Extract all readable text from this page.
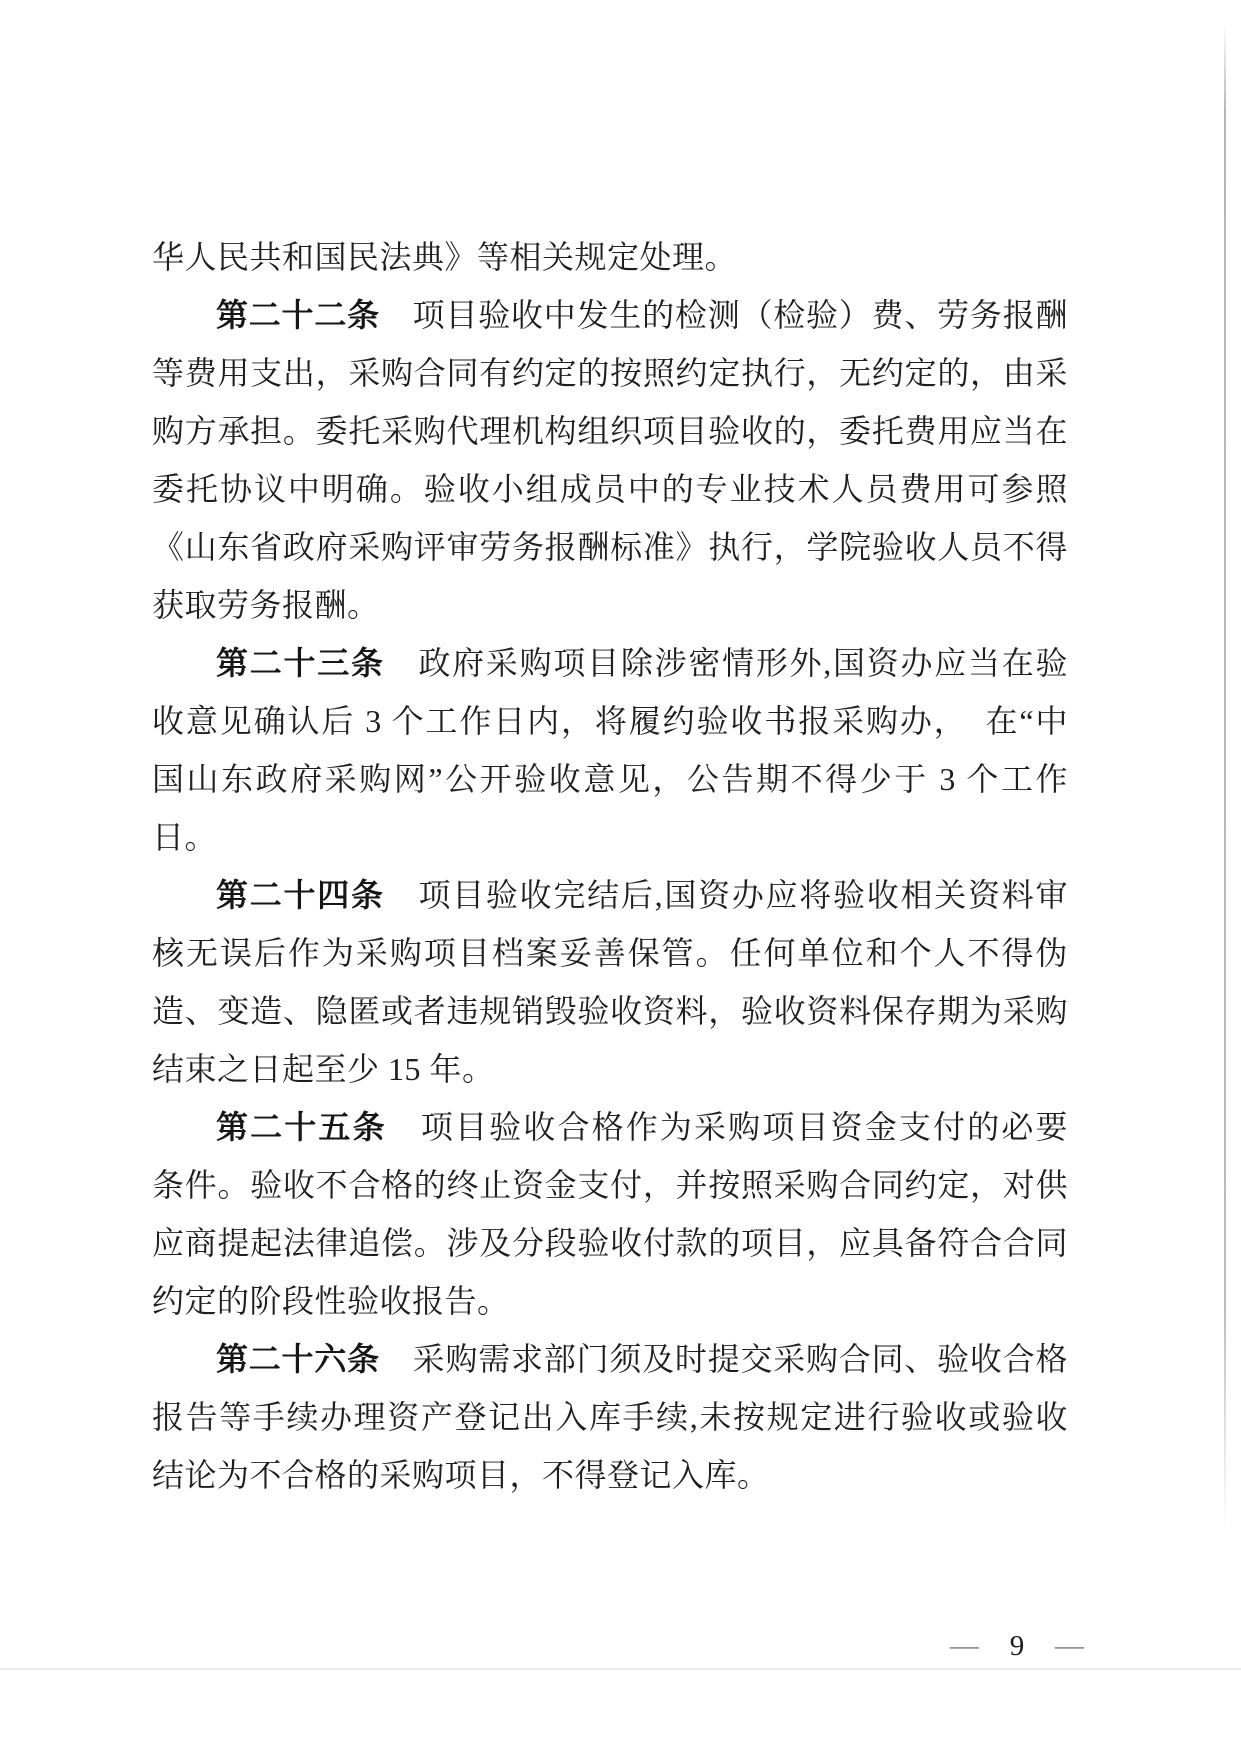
华人民共和国民法典》等相关规定处理。
第二十二条　项目验收中发生的检测（检验）费、劳务报酬
等费用支出，采购合同有约定的按照约定执行，无约定的，由采
购方承担。委托采购代理机构组织项目验收的，委托费用应当在
委托协议中明确。验收小组成员中的专业技术人员费用可参照
《山东省政府采购评审劳务报酬标准》执行，学院验收人员不得
获取劳务报酬。
第二十三条　政府采购项目除涉密情形外,国资办应当在验
收意见确认后 3 个工作日内，将履约验收书报采购办，　在“中
国山东政府采购网”公开验收意见，公告期不得少于 3 个工作
日。
第二十四条　项目验收完结后,国资办应将验收相关资料审
核无误后作为采购项目档案妥善保管。任何单位和个人不得伪
造、变造、隐匿或者违规销毁验收资料，验收资料保存期为采购
结束之日起至少 15 年。
第二十五条　项目验收合格作为采购项目资金支付的必要
条件。验收不合格的终止资金支付，并按照采购合同约定，对供
应商提起法律追偿。涉及分段验收付款的项目，应具备符合合同
约定的阶段性验收报告。
第二十六条　采购需求部门须及时提交采购合同、验收合格
报告等手续办理资产登记出入库手续,未按规定进行验收或验收
结论为不合格的采购项目，不得登记入库。
— 9 —
